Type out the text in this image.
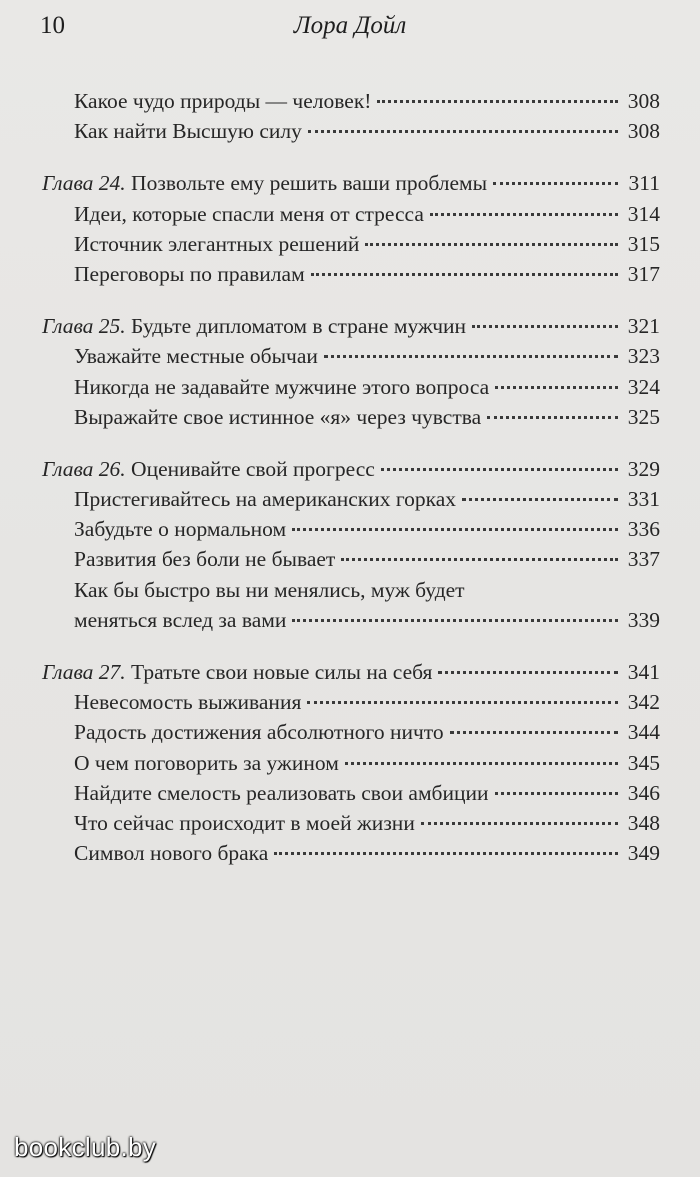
10	Лора Дойл
Какое чудо природы — человек!	308
Как найти Высшую силу	308
Глава 24. Позвольте ему решить ваши проблемы	311
Идеи, которые спасли меня от стресса	314
Источник элегантных решений	315
Переговоры по правилам	317
Глава 25. Будьте дипломатом в стране мужчин	321
Уважайте местные обычаи	323
Никогда не задавайте мужчине этого вопроса	324
Выражайте свое истинное «я» через чувства	325
Глава 26. Оценивайте свой прогресс	329
Пристегивайтесь на американских горках	331
Забудьте о нормальном	336
Развития без боли не бывает	337
Как бы быстро вы ни менялись, муж будет
меняться вслед за вами	339
Глава 27. Тратьте свои новые силы на себя	341
Невесомость выживания	342
Радость достижения абсолютного ничто	344
О чем поговорить за ужином	345
Найдите смелость реализовать свои амбиции	346
Что сейчас происходит в моей жизни	348
Символ нового брака	349
bookclub.by
